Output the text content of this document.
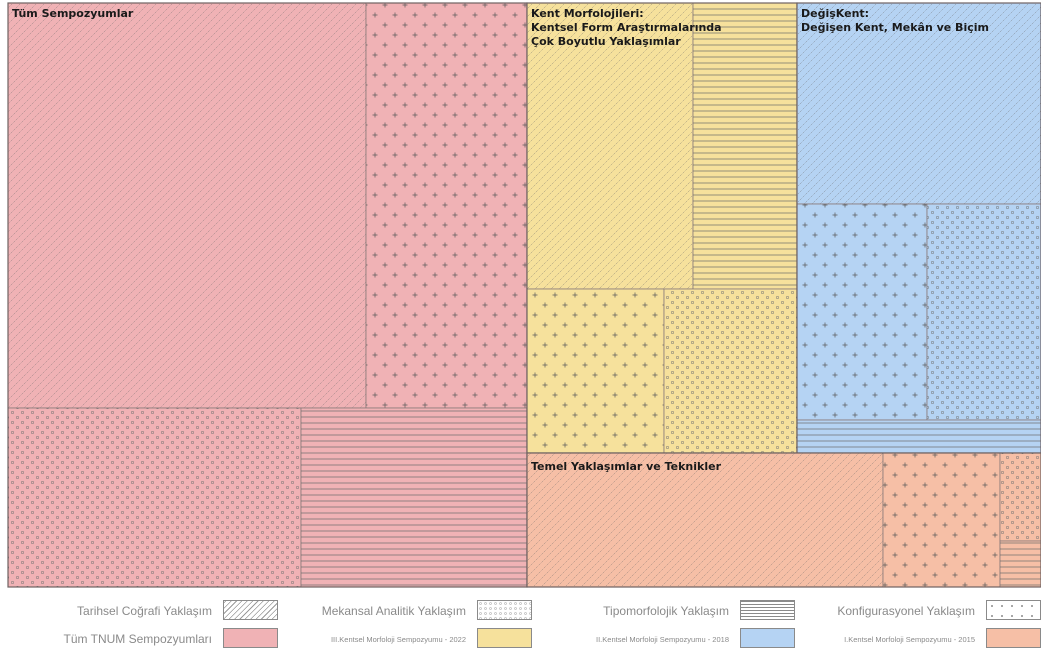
Tüm Sempozyumlar	Kent Morfolojileri: Kentsel Form Araştırmalarında Çok Boyutlu Yaklaşımlar
DeğişKent: Değişen Kent, Mekân ve Biçim
Temel Yaklaşımlar ve Teknikler
Tarihsel Coğrafi Yaklaşım	Mekansal Analitik Yaklaşım	Tipomorfolojik Yaklaşım	Konfigurasyonel Yaklaşım
Tüm TNUM Sempozyumları	III.Kentsel Morfoloji Sempozyumu - 2022	II.Kentsel Morfoloji Sempozyumu - 2018	I.Kentsel Morfoloji Sempozyumu - 2015
